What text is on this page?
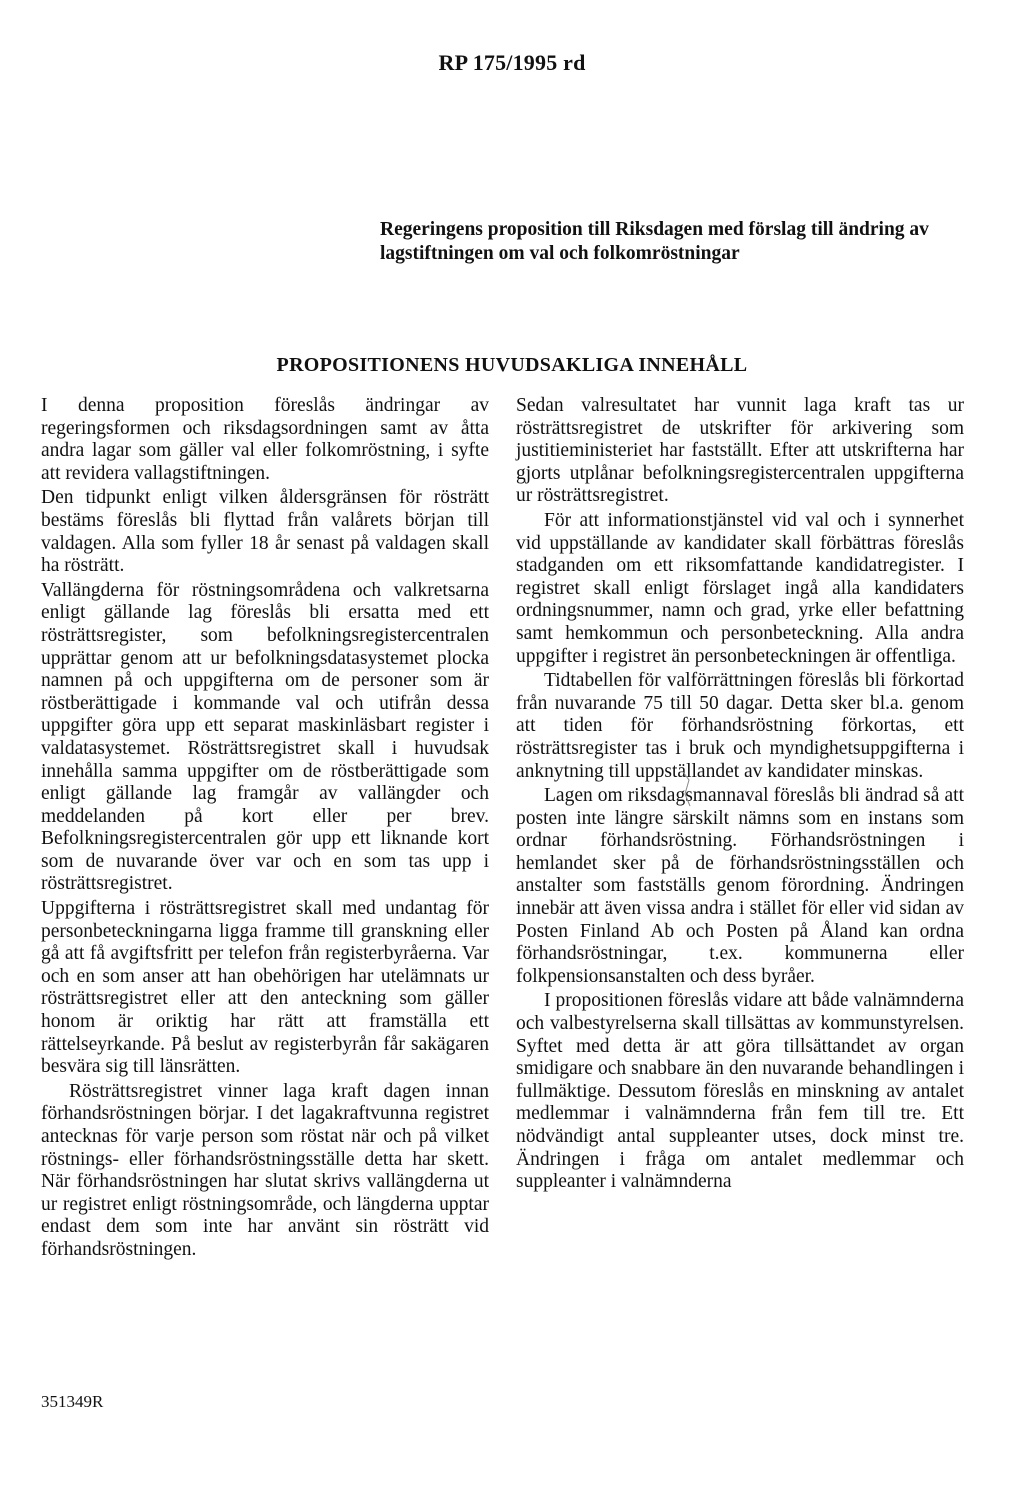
RP 175/1995 rd
Regeringens proposition till Riksdagen med förslag till ändring av lagstiftningen om val och folkomröstningar
PROPOSITIONENS HUVUDSAKLIGA INNEHÅLL

I denna proposition föreslås ändringar av regeringsformen och riksdagsordningen samt av åtta andra lagar som gäller val eller folkomröstning, i syfte att revidera vallagstiftningen.

Den tidpunkt enligt vilken åldersgränsen för rösträtt bestäms föreslås bli flyttad från valårets början till valdagen. Alla som fyller 18 år senast på valdagen skall ha rösträtt.

Vallängderna för röstningsområdena och valkretsarna enligt gällande lag föreslås bli ersatta med ett rösträttsregister, som befolkningsregistercentralen upprättar genom att ur befolkningsdatasystemet plocka namnen på och uppgifterna om de personer som är röstberättigade i kommande val och utifrån dessa uppgifter göra upp ett separat maskinläsbart register i valdatasystemet. Rösträttsregistret skall i huvudsak innehålla samma uppgifter om de röstberättigade som enligt gällande lag framgår av vallängder och meddelanden på kort eller per brev. Befolkningsregistercentralen gör upp ett liknande kort som de nuvarande över var och en som tas upp i rösträttsregistret.

Uppgifterna i rösträttsregistret skall med undantag för personbeteckningarna ligga framme till granskning eller gå att få avgiftsfritt per telefon från registerbyråerna. Var och en som anser att han obehörigen har utelämnats ur rösträttsregistret eller att den anteckning som gäller honom är oriktig har rätt att framställa ett rättelseyrkande. På beslut av registerbyrån får sakägaren besvära sig till länsrätten.

Rösträttsregistret vinner laga kraft dagen innan förhandsröstningen börjar. I det lagakraftvunna registret antecknas för varje person som röstat när och på vilket röstnings- eller förhandsröstningsställe detta har skett. När förhandsröstningen har slutat skrivs vallängderna ut ur registret enligt röstningsområde, och längderna upptar endast dem som inte har använt sin rösträtt vid förhandsröstningen.

Sedan valresultatet har vunnit laga kraft tas ur rösträttsregistret de utskrifter för arkivering som justitieministeriet har fastställt. Efter att utskrifterna har gjorts utplånar befolkningsregistercentralen uppgifterna ur rösträttsregistret.

För att informationstjänstel vid val och i synnerhet vid uppställande av kandidater skall förbättras föreslås stadganden om ett riksomfattande kandidatregister. I registret skall enligt förslaget ingå alla kandidaters ordningsnummer, namn och grad, yrke eller befattning samt hemkommun och personbeteckning. Alla andra uppgifter i registret än personbeteckningen är offentliga.

Tidtabellen för valförrättningen föreslås bli förkortad från nuvarande 75 till 50 dagar. Detta sker bl.a. genom att tiden för förhandsröstning förkortas, ett rösträttsregister tas i bruk och myndighetsuppgifterna i anknytning till uppställandet av kandidater minskas.

Lagen om riksdagsmannaval föreslås bli ändrad så att posten inte längre särskilt nämns som en instans som ordnar förhandsröstning. Förhandsröstningen i hemlandet sker på de förhandsröstningsställen och anstalter som fastställs genom förordning. Ändringen innebär att även vissa andra i stället för eller vid sidan av Posten Finland Ab och Posten på Åland kan ordna förhandsröstningar, t.ex. kommunerna eller folkpensionsanstalten och dess byråer.

I propositionen föreslås vidare att både valnämnderna och valbestyrelserna skall tillsättas av kommunstyrelsen. Syftet med detta är att göra tillsättandet av organ smidigare och snabbare än den nuvarande behandlingen i fullmäktige. Dessutom föreslås en minskning av antalet medlemmar i valnämnderna från fem till tre. Ett nödvändigt antal suppleanter utses, dock minst tre. Ändringen i fråga om antalet medlemmar och suppleanter i valnämnderna

351349R
